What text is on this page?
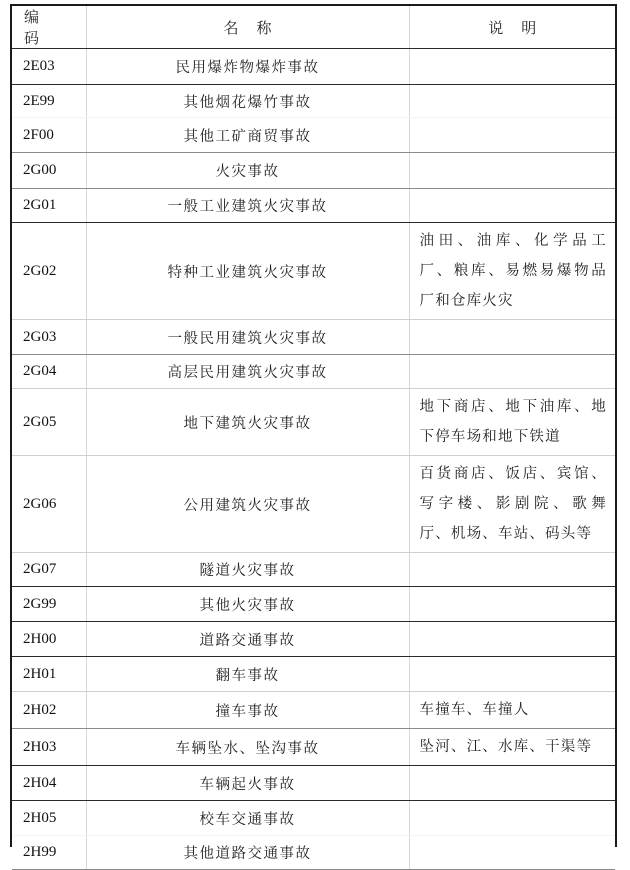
编码	名称	说明
2E03	民用爆炸物爆炸事故	
2E99	其他烟花爆竹事故	
2F00	其他工矿商贸事故	
2G00	火灾事故	
2G01	一般工业建筑火灾事故	
2G02	特种工业建筑火灾事故	油田、油库、化学品工厂、粮库、易燃易爆物品厂和仓库火灾
2G03	一般民用建筑火灾事故	
2G04	高层民用建筑火灾事故	
2G05	地下建筑火灾事故	地下商店、地下油库、地下停车场和地下铁道
2G06	公用建筑火灾事故	百货商店、饭店、宾馆、写字楼、影剧院、歌舞厅、机场、车站、码头等
2G07	隧道火灾事故	
2G99	其他火灾事故	
2H00	道路交通事故	
2H01	翻车事故	
2H02	撞车事故	车撞车、车撞人
2H03	车辆坠水、坠沟事故	坠河、江、水库、干渠等
2H04	车辆起火事故	
2H05	校车交通事故	
2H99	其他道路交通事故	
